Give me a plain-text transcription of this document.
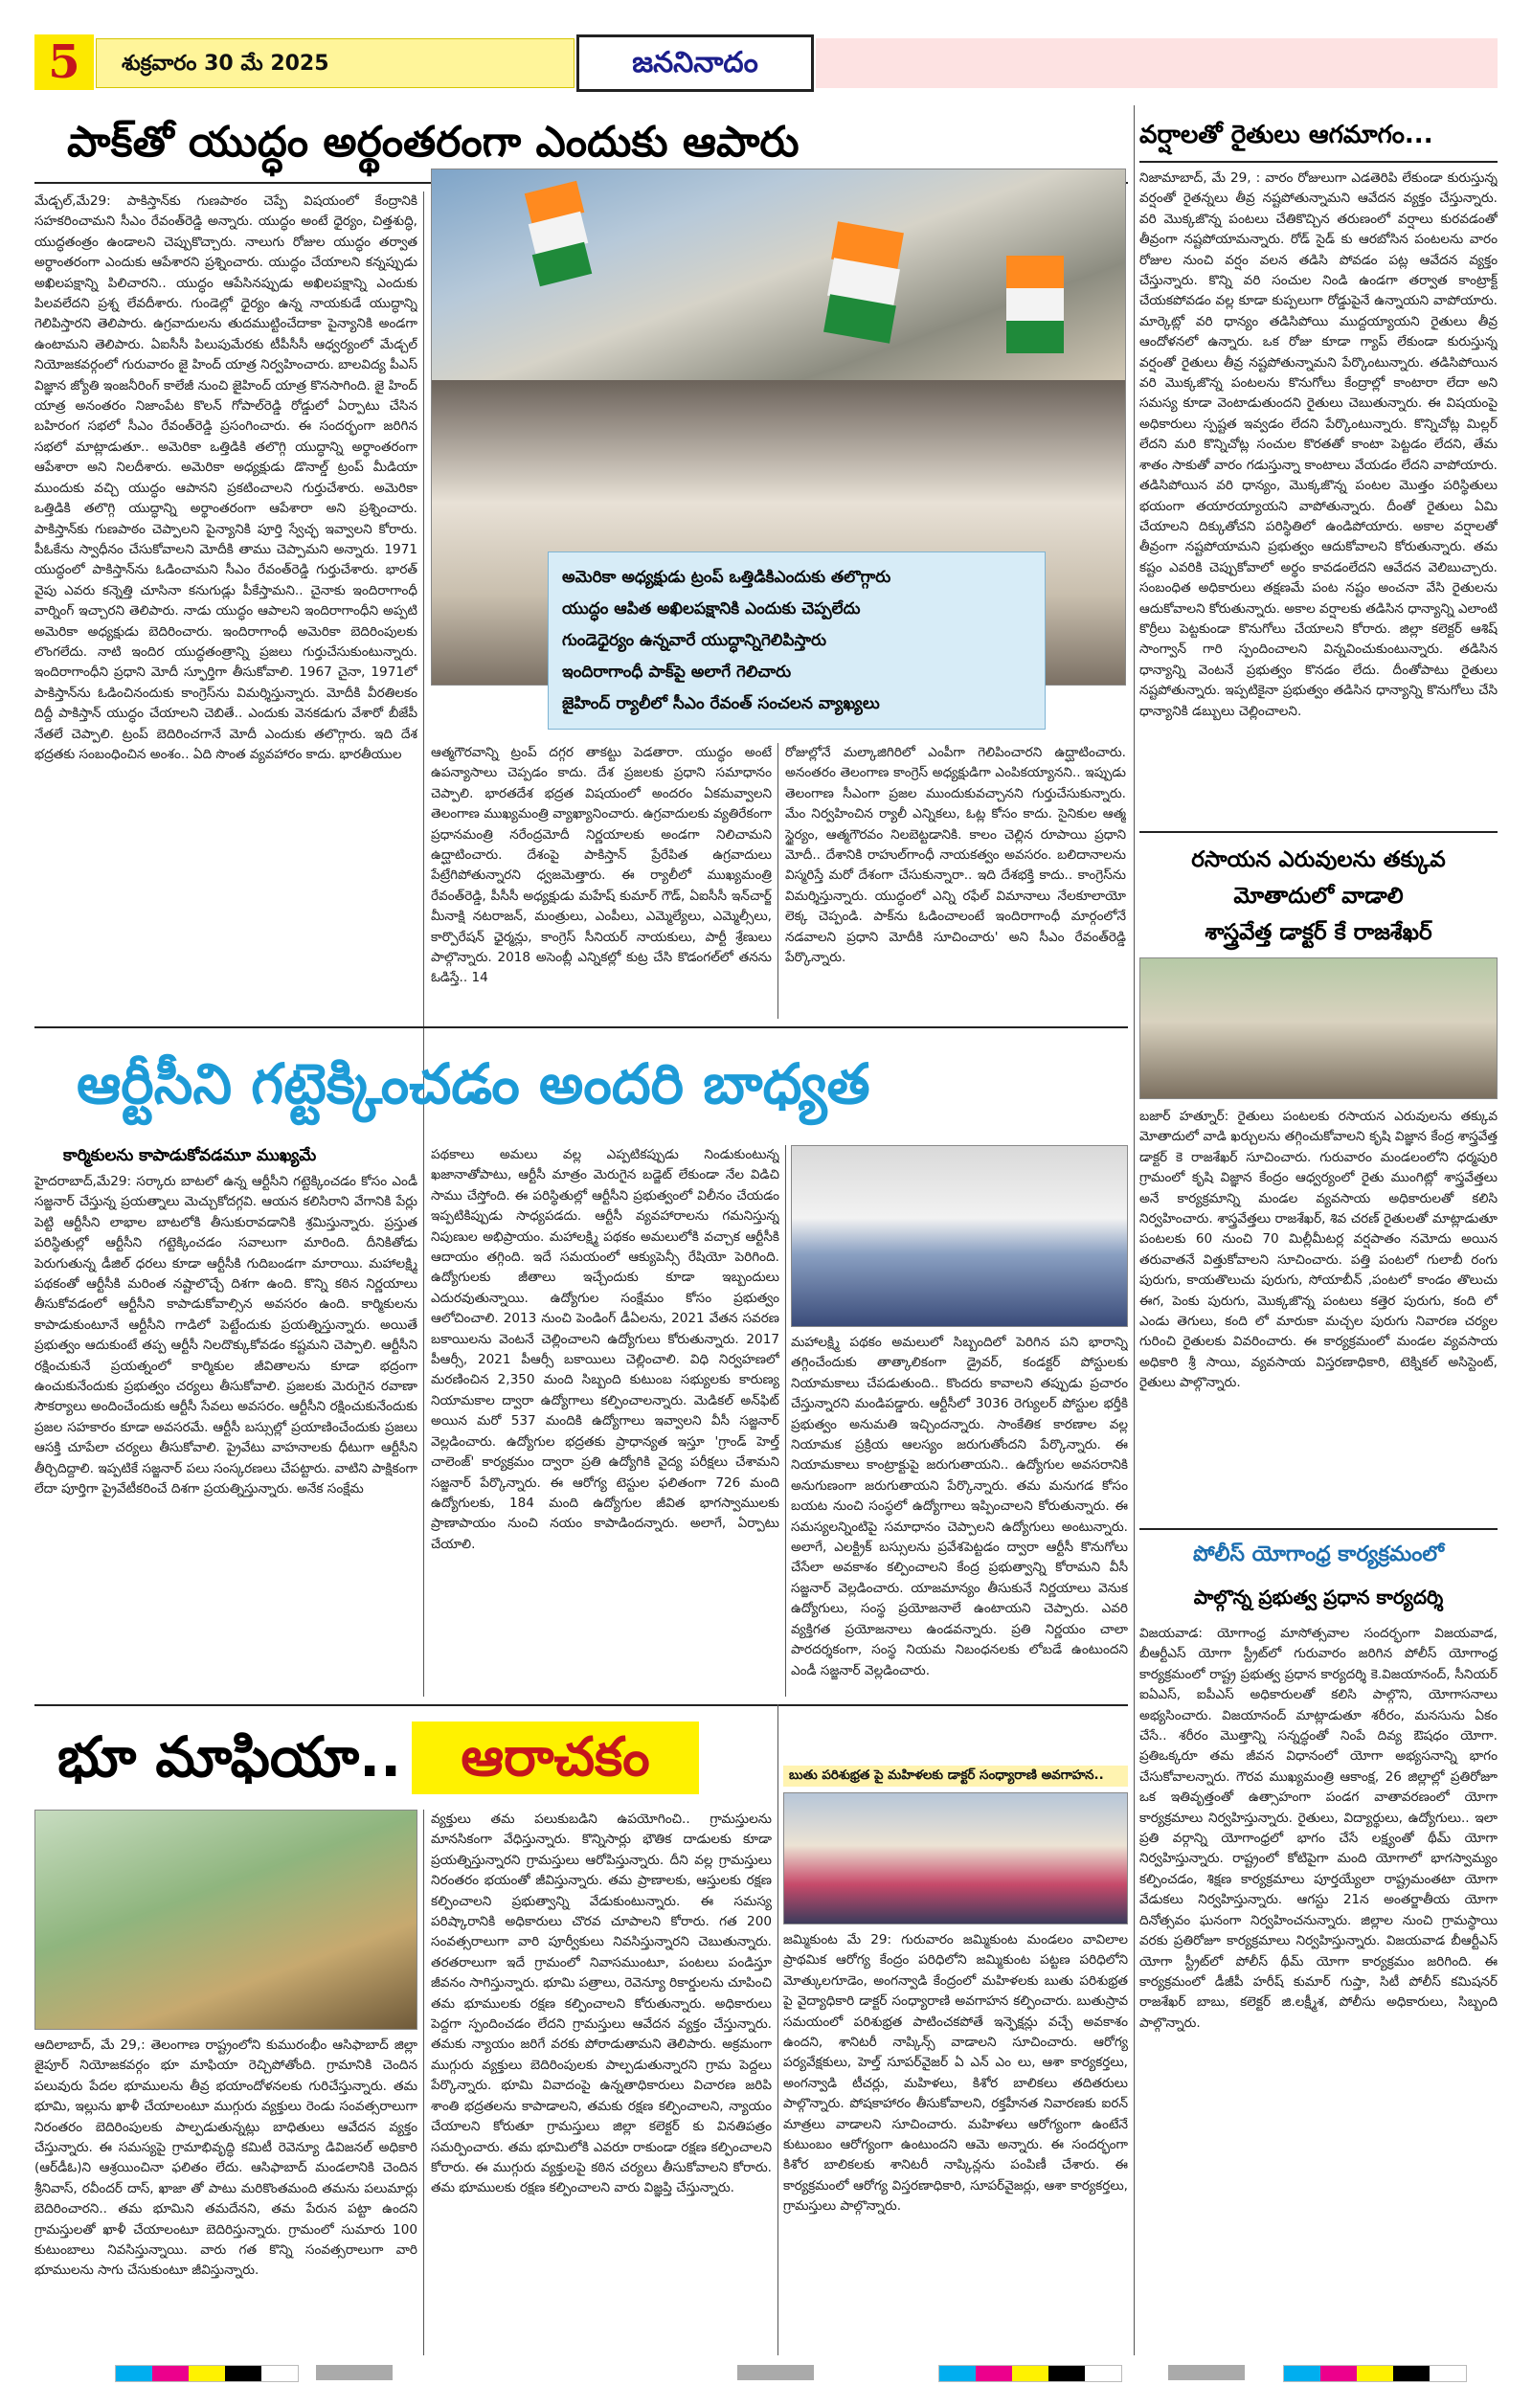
5	శుక్రవారం 30 మే 2025	జననినాదం
పాక్‌తో యుద్ధం అర్థంతరంగా ఎందుకు ఆపారు
మేడ్చల్,మే29: పాకిస్తాన్‌కు గుణపాఠం చెప్పే విషయంలో కేంద్రానికి సహకరించామని సీఎం రేవంత్‌రెడ్డి అన్నారు. యుద్ధం అంటే ధైర్యం, చిత్తశుద్ధి, యుద్ధతంత్రం ఉండాలని చెప్పుకొచ్చారు. నాలుగు రోజుల యుద్ధం తర్వాత అర్థాంతరంగా ఎందుకు ఆపేశారని ప్రశ్నించారు. యుద్ధం చేయాలని కన్నప్పుడు అఖిలపక్షాన్ని పిలిచారని.. యుద్ధం ఆపేసినప్పుడు అఖిలపక్షాన్ని ఎందుకు పిలవలేదని ప్రశ్న లేవదీశారు. గుండెల్లో ధైర్యం ఉన్న నాయకుడే యుద్ధాన్ని గెలిపిస్తారని తెలిపారు. ఉగ్రవాదులను తుదముట్టించేదాకా పైన్యానికి అండగా ఉంటామని తెలిపారు. ఏఐసీసీ పిలుపుమేరకు టీపీసీసీ ఆధ్వర్యంలో మేడ్చల్ నియోజకవర్గంలో గురువారం జై హింద్ యాత్ర నిర్వహించారు. బాలవిద్య పీఎస్ విజ్ఞాన జ్యోతి ఇంజనీరింగ్ కాలేజీ నుంచి జైహింద్ యాత్ర కొనసాగింది. జై హింద్ యాత్ర అనంతరం నిజాంపేట కొలన్ గోపాల్‌రెడ్డి రోడ్డులో ఏర్పాటు చేసిన బహిరంగ సభలో సీఎం రేవంత్‌రెడ్డి ప్రసంగించారు. ఈ సందర్భంగా జరిగిన సభలో మాట్లాడుతూ.. అమెరికా ఒత్తిడికి తలొగ్గి యుద్ధాన్ని అర్థాంతరంగా ఆపేశారా అని నిలదీశారు. అమెరికా అధ్యక్షుడు డొనాల్డ్ ట్రంప్ మీడియా ముందుకు వచ్చి యుద్ధం ఆపానని ప్రకటించాలని గుర్తుచేశారు. అమెరికా ఒత్తిడికి తలొగ్గి యుద్ధాన్ని అర్థాంతరంగా ఆపేశారా అని ప్రశ్నించారు. పాకిస్తాన్‌కు గుణపాఠం చెప్పాలని పైన్యానికి పూర్తి స్వేచ్ఛ ఇవ్వాలని కోరారు. పీఓకేను స్వాధీనం చేసుకోవాలని మోదీకి తాము చెప్పామని అన్నారు. 1971 యుద్ధంలో పాకిస్తాన్‌ను ఓడించామని సీఎం రేవంత్‌రెడ్డి గుర్తుచేశారు. భారత్ వైపు ఎవరు కన్నెత్తి చూసినా కనుగుడ్లు పీకేస్తామని.. చైనాకు ఇందిరాగాంధీ వార్నింగ్ ఇచ్చారని తెలిపారు. నాడు యుద్ధం ఆపాలని ఇందిరాగాంధీని అప్పటి అమెరికా అధ్యక్షుడు బెదిరించారు. ఇందిరాగాంధీ అమెరికా బెదిరింపులకు లొంగలేదు. నాటి ఇందిర యుద్ధతంత్రాన్ని ప్రజలు గుర్తుచేసుకుంటున్నారు. ఇందిరాగాంధీని ప్రధాని మోదీ స్ఫూర్తిగా తీసుకోవాలి. 1967 చైనా, 1971లో పాకిస్తాన్‌ను ఓడించినందుకు కాంగ్రెస్‌ను విమర్శిస్తున్నారు. మోదీకి వీరతిలకం దిద్దీ పాకిస్తాన్ యుద్ధం చేయాలని చెబితే.. ఎందుకు వెనకడుగు వేశారో బీజేపీ నేతలే చెప్పాలి. ట్రంప్ బెదిరించగానే మోదీ ఎందుకు తలొగ్గారు. ఇది దేశ భద్రతకు సంబంధించిన అంశం.. ఏది సొంత వ్యవహారం కాదు. భారతీయుల
అమెరికా అధ్యక్షుడు ట్రంప్ ఒత్తిడికిఎందుకు తలొగ్గారు
యుద్ధం ఆపిత అఖిలపక్షానికి ఎందుకు చెప్పలేదు
గుండెధైర్యం ఉన్నవారే యుద్ధాన్నిగెలిపిస్తారు
ఇందిరాగాంధీ పాక్‌పై అలాగే గెలిచారు
జైహింద్ ర్యాలీలో సీఎం రేవంత్ సంచలన వ్యాఖ్యలు
ఆత్మగౌరవాన్ని ట్రంప్ దగ్గర తాకట్టు పెడతారా. యుద్ధం అంటే ఉపన్యాసాలు చెప్పడం కాదు. దేశ ప్రజలకు ప్రధాని సమాధానం చెప్పాలి. భారతదేశ భద్రత విషయంలో అందరం ఏకమవ్వాలని తెలంగాణ ముఖ్యమంత్రి వ్యాఖ్యానించారు. ఉగ్రవాదులకు వ్యతిరేకంగా ప్రధానమంత్రి నరేంద్రమోదీ నిర్ణయాలకు అండగా నిలిచామని ఉద్ఘాటించారు. దేశంపై పాకిస్తాన్ ప్రేరేపిత ఉగ్రవాదులు పేట్రేగిపోతున్నారని ధ్వజమెత్తారు. ఈ ర్యాలీలో ముఖ్యమంత్రి రేవంత్‌రెడ్డి, పీసీసీ అధ్యక్షుడు మహేష్ కుమార్ గౌడ్, ఏఐసీసీ ఇన్‌చార్జ్ మీనాక్షి నటరాజన్, మంత్రులు, ఎంపీలు, ఎమ్మెల్యేలు, ఎమ్మెల్సీలు, కార్పొరేషన్ ఛైర్మన్లు, కాంగ్రెస్ సీనియర్ నాయకులు, పార్టీ శ్రేణులు పాల్గొన్నారు. 2018 అసెంబ్లీ ఎన్నికల్లో కుట్ర చేసి కొడంగల్‌లో తనను ఓడిస్తే.. 14
రోజుల్లోనే మల్కాజిగిరిలో ఎంపీగా గెలిపించారని ఉద్ఘాటించారు. అనంతరం తెలంగాణ కాంగ్రెస్ అధ్యక్షుడిగా ఎంపికయ్యానని.. ఇప్పుడు తెలంగాణ సీఎంగా ప్రజల ముందుకువచ్చానని గుర్తుచేసుకున్నారు. మేం నిర్వహించిన ర్యాలీ ఎన్నికలు, ఓట్ల కోసం కాదు. సైనికుల ఆత్మ స్థైర్యం, ఆత్మగౌరవం నిలబెట్టడానికి. కాలం చెల్లిన రూపాయి ప్రధాని మోదీ.. దేశానికి రాహుల్‌గాంధీ నాయకత్వం అవసరం. బలిదానాలను విస్మరిస్తే మరో దేశంగా చేసుకున్నారా.. ఇది దేశభక్తి కాదు.. కాంగ్రెస్‌ను విమర్శిస్తున్నారు. యుద్ధంలో ఎన్ని రఫేల్ విమానాలు నేలకూలాయో లెక్క చెప్పండి. పాక్‌ను ఓడించాలంటే ఇందిరాగాంధీ మార్గంలోనే నడవాలని ప్రధాని మోదీకి సూచించారు' అని సీఎం రేవంత్‌రెడ్డి పేర్కొన్నారు.
వర్షాలతో రైతులు ఆగమాగం...
నిజామాబాద్, మే 29, : వారం రోజులుగా ఎడతెరిపి లేకుండా కురుస్తున్న వర్షంతో రైతన్నలు తీవ్ర నష్టపోతున్నామని ఆవేదన వ్యక్తం చేస్తున్నారు. వరి మొక్కజొన్న పంటలు చేతికొచ్చిన తరుణంలో వర్షాలు కురవడంతో తీవ్రంగా నష్టపోయామన్నారు. రోడ్ సైడ్ కు ఆరబోసిన పంటలను వారం రోజుల నుంచి వర్షం వలన తడిసి పోవడం పట్ల ఆవేదన వ్యక్తం చేస్తున్నారు. కొన్ని వరి సంచుల నిండి ఉండగా తర్వాత కాంట్రాక్ట్ చేయకపోవడం వల్ల కూడా కుప్పలుగా రోడ్డుపైనే ఉన్నాయని వాపోయారు. మార్కెట్లో వరి ధాన్యం తడిసిపోయి ముద్దయ్యాయని రైతులు తీవ్ర ఆందోళనలో ఉన్నారు. ఒక రోజు కూడా గ్యాప్ లేకుండా కురుస్తున్న వర్షంతో రైతులు తీవ్ర నష్టపోతున్నామని పేర్కొంటున్నారు. తడిసిపోయిన వరి మొక్కజొన్న పంటలను కొనుగోలు కేంద్రాల్లో కాంటారా లేదా అని సమస్య కూడా వెంటాడుతుందని రైతులు చెబుతున్నారు. ఈ విషయంపై అధికారులు స్పష్టత ఇవ్వడం లేదని పేర్కొంటున్నారు. కొన్నిచోట్ల మిల్లర్ లేదని మరి కొన్నిచోట్ల సంచుల కొరతతో కాంటా పెట్టడం లేదని, తేమ శాతం సాకుతో వారం గడుస్తున్నా కాంటాలు వేయడం లేదని వాపోయారు. తడిసిపోయిన వరి ధాన్యం, మొక్కజొన్న పంటల మొత్తం పరిస్థితులు భయంగా తయారయ్యాయని వాపోతున్నారు. దీంతో రైతులు ఏమి చేయాలని దిక్కుతోచని పరిస్థితిలో ఉండిపోయారు. అకాల వర్షాలతో తీవ్రంగా నష్టపోయామని ప్రభుత్వం ఆదుకోవాలని కోరుతున్నారు. తమ కష్టం ఎవరికి చెప్పుకోవాలో అర్థం కావడంలేదని ఆవేదన వెలిబుచ్చారు. సంబంధిత అధికారులు తక్షణమే పంట నష్టం అంచనా వేసి రైతులను ఆదుకోవాలని కోరుతున్నారు. అకాల వర్షాలకు తడిసిన ధాన్యాన్ని ఎలాంటి కొర్రీలు పెట్టకుండా కొనుగోలు చేయాలని కోరారు. జిల్లా కలెక్టర్ ఆశిష్ సాంగ్వాన్ గారి స్పందించాలని విన్నవించుకుంటున్నారు. తడిసిన ధాన్యాన్ని వెంటనే ప్రభుత్వం కొనడం లేదు. దీంతోపాటు రైతులు నష్టపోతున్నారు. ఇప్పటికైనా ప్రభుత్వం తడిసిన ధాన్యాన్ని కొనుగోలు చేసి ధాన్యానికి డబ్బులు చెల్లించాలని.
రసాయన ఎరువులను తక్కువ
మోతాదులో వాడాలి
శాస్త్రవేత్త డాక్టర్ కే రాజశేఖర్
బజార్ హత్నూర్: రైతులు పంటలకు రసాయన ఎరువులను తక్కువ మోతాదులో వాడి ఖర్చులను తగ్గించుకోవాలని కృషి విజ్ఞాన కేంద్ర శాస్త్రవేత్త డాక్టర్ కె రాజశేఖర్ సూచించారు. గురువారం మండలంలోని ధర్మపురి గ్రామంలో కృషి విజ్ఞాన కేంద్రం ఆధ్వర్యంలో రైతు ముంగిట్లో శాస్త్రవేత్తలు అనే కార్యక్రమాన్ని మండల వ్యవసాయ అధికారులతో కలిసి నిర్వహించారు. శాస్త్రవేత్తలు రాజశేఖర్, శివ చరణ్ రైతులతో మాట్లాడుతూ పంటలకు 60 నుంచి 70 మిల్లీమీటర్ల వర్షపాతం నమోదు అయిన తరువాతనే విత్తుకోవాలని సూచించారు. పత్తి పంటలో గులాబీ రంగు పురుగు, కాయతొలుచు పురుగు, సోయాబీన్ ,పంటలో కాండం తొలుచు ఈగ, పెంకు పురుగు, మొక్కజొన్న పంటలు కత్తెర పురుగు, కంది లో ఎండు తెగులు, కంది లో మారుకా మచ్చల పురుగు నివారణ చర్యల గురించి రైతులకు వివరించారు. ఈ కార్యక్రమంలో మండల వ్యవసాయ అధికారి శ్రీ సాయి, వ్యవసాయ విస్తరణాధికారి, టెక్నికల్ అసిస్టెంట్, రైతులు పాల్గొన్నారు.
పోలీస్ యోగాంధ్ర కార్యక్రమంలో
పాల్గొన్న ప్రభుత్వ ప్రధాన కార్యదర్శి
విజయవాడ: యోగాంధ్ర మాసోత్సవాల సందర్భంగా విజయవాడ, బీఆర్టీఎస్ యోగా స్ట్రీట్‌లో గురువారం జరిగిన పోలీస్ యోగాంధ్ర కార్యక్రమంలో రాష్ట్ర ప్రభుత్వ ప్రధాన కార్యదర్శి కె.విజయానంద్, సీనియర్ ఐఏఎస్, ఐపీఎస్ అధికారులతో కలిసి పాల్గొని, యోగాసనాలు అభ్యసించారు. విజయానంద్ మాట్లాడుతూ శరీరం, మనసును ఏకం చేసే.. శరీరం మొత్తాన్ని సన్నద్ధంతో నింపే దివ్య ఔషధం యోగా. ప్రతిఒక్కరూ తమ జీవన విధానంలో యోగా అభ్యసనాన్ని భాగం చేసుకోవాలన్నారు. గౌరవ ముఖ్యమంత్రి ఆకాంక్ష, 26 జిల్లాల్లో ప్రతిరోజూ ఒక ఇతివృత్తంతో ఉత్సాహంగా పండగ వాతావరణంలో యోగా కార్యక్రమాలు నిర్వహిస్తున్నారు. రైతులు, విద్యార్థులు, ఉద్యోగులు.. ఇలా ప్రతి వర్గాన్ని యోగాంధ్రలో భాగం చేసే లక్ష్యంతో థీమ్ యోగా నిర్వహిస్తున్నారు. రాష్ట్రంలో కోటిపైగా మంది యోగాలో భాగస్వామ్యం కల్పించడం, శిక్షణ కార్యక్రమాలు పూర్తయ్యేలా రాష్ట్రమంతటా యోగా వేడుకలు నిర్వహిస్తున్నారు. ఆగస్టు 21న అంతర్జాతీయ యోగా దినోత్సవం ఘనంగా నిర్వహించనున్నారు. జిల్లాల నుంచి గ్రామస్థాయి వరకు ప్రతిరోజూ కార్యక్రమాలు నిర్వహిస్తున్నారు. విజయవాడ బీఆర్టీఎస్ యోగా స్ట్రీట్‌లో పోలీస్ థీమ్ యోగా కార్యక్రమం జరిగింది. ఈ కార్యక్రమంలో డీజీపీ హరీష్ కుమార్ గుప్తా, సిటీ పోలీస్ కమిషనర్ రాజశేఖర్ బాబు, కలెక్టర్ జి.లక్ష్మీశ, పోలీసు అధికారులు, సిబ్బంది పాల్గొన్నారు.
ఆర్టీసీని గట్టెక్కించడం అందరి బాధ్యత
కార్మికులను కాపాడుకోవడమూ ముఖ్యమే
హైదరాబాద్,మే29: సర్కారు బాటలో ఉన్న ఆర్టీసీని గట్టెక్కించడం కోసం ఎండీ సజ్జనార్ చేస్తున్న ప్రయత్నాలు మెచ్చుకోదగ్గవి. ఆయన కలిసిరాని వేగానికి పేర్లు పెట్టి ఆర్టీసీని లాభాల బాటలోకి తీసుకురావడానికి శ్రమిస్తున్నారు. ప్రస్తుత పరిస్థితుల్లో ఆర్టీసీని గట్టెక్కించడం సవాలుగా మారింది. దీనికితోడు పెరుగుతున్న డీజిల్ ధరలు కూడా ఆర్టీసీకి గుదిబండగా మారాయి. మహాలక్ష్మి పథకంతో ఆర్టీసీకి మరింత నష్టాలొచ్చే దిశగా ఉంది. కొన్ని కఠిన నిర్ణయాలు తీసుకోవడంలో ఆర్టీసీని కాపాడుకోవాల్సిన అవసరం ఉంది. కార్మికులను కాపాడుకుంటూనే ఆర్టీసీని గాడిలో పెట్టేందుకు ప్రయత్నిస్తున్నారు. అయితే ప్రభుత్వం ఆదుకుంటే తప్ప ఆర్టీసీ నిలదొక్కుకోవడం కష్టమని చెప్పాలి. ఆర్టీసీని రక్షించుకునే ప్రయత్నంలో కార్మికుల జీవితాలను కూడా భద్రంగా ఉంచుకునేందుకు ప్రభుత్వం చర్యలు తీసుకోవాలి. ప్రజలకు మెరుగైన రవాణా సౌకర్యాలు అందించేందుకు ఆర్టీసీ సేవలు అవసరం. ఆర్టీసీని రక్షించుకునేందుకు ప్రజల సహకారం కూడా అవసరమే. ఆర్టీసీ బస్సుల్లో ప్రయాణించేందుకు ప్రజలు ఆసక్తి చూపేలా చర్యలు తీసుకోవాలి. ప్రైవేటు వాహనాలకు ధీటుగా ఆర్టీసీని తీర్చిదిద్దాలి. ఇప్పటికే సజ్జనార్ పలు సంస్కరణలు చేపట్టారు. వాటిని పాక్షికంగా లేదా పూర్తిగా ప్రైవేటీకరించే దిశగా ప్రయత్నిస్తున్నారు. అనేక సంక్షేమ
పథకాలు అమలు వల్ల ఎప్పటికప్పుడు నిండుకుంటున్న ఖజానాతోపాటు, ఆర్టీసీ మాత్రం మెరుగైన బడ్జెట్ లేకుండా నేల విడిచి సాము చేస్తోంది. ఈ పరిస్థితుల్లో ఆర్టీసీని ప్రభుత్వంలో విలీనం చేయడం ఇప్పటికిప్పుడు సాధ్యపడదు. ఆర్టీసీ వ్యవహారాలను గమనిస్తున్న నిపుణుల అభిప్రాయం. మహాలక్ష్మి పథకం అమలులోకి వచ్చాక ఆర్టీసీకి ఆదాయం తగ్గింది. ఇదే సమయంలో ఆక్యుపెన్సీ రేషియో పెరిగింది. ఉద్యోగులకు జీతాలు ఇచ్చేందుకు కూడా ఇబ్బందులు ఎదురవుతున్నాయి. ఉద్యోగుల సంక్షేమం కోసం ప్రభుత్వం ఆలోచించాలి. 2013 నుంచి పెండింగ్ డీఏలను, 2021 వేతన సవరణ బకాయిలను వెంటనే చెల్లించాలని ఉద్యోగులు కోరుతున్నారు. 2017 పీఆర్సీ, 2021 పీఆర్సీ బకాయిలు చెల్లించాలి. విధి నిర్వహణలో మరణించిన 2,350 మంది సిబ్బంది కుటుంబ సభ్యులకు కారుణ్య నియామకాల ద్వారా ఉద్యోగాలు కల్పించాలన్నారు. మెడికల్ అన్‌ఫిట్ అయిన మరో 537 మందికి ఉద్యోగాలు ఇవ్వాలని వీసీ సజ్జనార్ వెల్లడించారు. ఉద్యోగుల భద్రతకు ప్రాధాన్యత ఇస్తూ 'గ్రాండ్ హెల్త్ చాలెంజ్' కార్యక్రమం ద్వారా ప్రతి ఉద్యోగికి వైద్య పరీక్షలు చేశామని సజ్జనార్ పేర్కొన్నారు. ఈ ఆరోగ్య టెస్టుల ఫలితంగా 726 మంది ఉద్యోగులకు, 184 మంది ఉద్యోగుల జీవిత భాగస్వాములకు ప్రాణాపాయం నుంచి నయం కాపాడిందన్నారు. అలాగే, ఏర్పాటు చేయాలి.
మహాలక్ష్మి పథకం అమలులో సిబ్బందిలో పెరిగిన పని భారాన్ని తగ్గించేందుకు తాత్కాలికంగా డ్రైవర్, కండక్టర్ పోస్టులకు నియామకాలు చేపడుతుంది.. కొందరు కావాలని తప్పుడు ప్రచారం చేస్తున్నారని మండిపడ్డారు. ఆర్టీసీలో 3036 రెగ్యులర్ పోస్టుల భర్తీకి ప్రభుత్వం అనుమతి ఇచ్చిందన్నారు. సాంకేతిక కారణాల వల్ల నియామక ప్రక్రియ ఆలస్యం జరుగుతోందని పేర్కొన్నారు. ఈ నియామకాలు కాంట్రాక్టుపై జరుగుతాయని.. ఉద్యోగుల అవసరానికి అనుగుణంగా జరుగుతాయని పేర్కొన్నారు. తమ మనుగడ కోసం బయట నుంచి సంస్థలో ఉద్యోగాలు ఇప్పించాలని కోరుతున్నారు. ఈ సమస్యలన్నింటిపై సమాధానం చెప్పాలని ఉద్యోగులు అంటున్నారు. అలాగే, ఎలక్ట్రిక్ బస్సులను ప్రవేశపెట్టడం ద్వారా ఆర్టీసీ కొనుగోలు చేసేలా అవకాశం కల్పించాలని కేంద్ర ప్రభుత్వాన్ని కోరామని వీసీ సజ్జనార్ వెల్లడించారు. యాజమాన్యం తీసుకునే నిర్ణయాలు వెనుక ఉద్యోగులు, సంస్థ ప్రయోజనాలే ఉంటాయని చెప్పారు. ఎవరి వ్యక్తిగత ప్రయోజనాలు ఉండవన్నారు. ప్రతి నిర్ణయం చాలా పారదర్శకంగా, సంస్థ నియమ నిబంధనలకు లోబడే ఉంటుందని ఎండీ సజ్జనార్ వెల్లడించారు.
భూ మాఫియా..	ఆరాచకం
ఆదిలాబాద్, మే 29,: తెలంగాణ రాష్ట్రంలోని కుమురంభీం ఆసిఫాబాద్ జిల్లా జైపూర్ నియోజకవర్గం భూ మాఫియా రెచ్చిపోతోంది. గ్రామానికి చెందిన పలువురు పేదల భూములను తీవ్ర భయాందోళనలకు గురిచేస్తున్నారు. తమ భూమి, ఇల్లును ఖాళీ చేయాలంటూ ముగ్గురు వ్యక్తులు రెండు సంవత్సరాలుగా నిరంతరం బెదిరింపులకు పాల్పడుతున్నట్లు బాధితులు ఆవేదన వ్యక్తం చేస్తున్నారు. ఈ సమస్యపై గ్రామాభివృద్ధి కమిటీ రెవెన్యూ డివిజనల్ అధికారి (ఆర్‌డీఓ)ని ఆశ్రయించినా ఫలితం లేదు. ఆసిఫాబాద్ మండలానికి చెందిన శ్రీనివాస్, రవీందర్ దాస్, ఖాజా తో పాటు మరికొంతమంది తమను పలుమార్లు బెదిరించారని.. తమ భూమిని తమదేనని, తమ పేరున పట్టా ఉందని గ్రామస్తులతో ఖాళీ చేయాలంటూ బెదిరిస్తున్నారు. గ్రామంలో సుమారు 100 కుటుంబాలు నివసిస్తున్నాయి. వారు గత కొన్ని సంవత్సరాలుగా వారి భూములను సాగు చేసుకుంటూ జీవిస్తున్నారు.
వ్యక్తులు తమ పలుకుబడిని ఉపయోగించి.. గ్రామస్తులను మానసికంగా వేధిస్తున్నారు. కొన్నిసార్లు భౌతిక దాడులకు కూడా ప్రయత్నిస్తున్నారని గ్రామస్తులు ఆరోపిస్తున్నారు. దీని వల్ల గ్రామస్తులు నిరంతరం భయంతో జీవిస్తున్నారు. తమ ప్రాణాలకు, ఆస్తులకు రక్షణ కల్పించాలని ప్రభుత్వాన్ని వేడుకుంటున్నారు. ఈ సమస్య పరిష్కారానికి అధికారులు చొరవ చూపాలని కోరారు. గత 200 సంవత్సరాలుగా వారి పూర్వీకులు నివసిస్తున్నారని చెబుతున్నారు. తరతరాలుగా ఇదే గ్రామంలో నివాసముంటూ, పంటలు పండిస్తూ జీవనం సాగిస్తున్నారు. భూమి పత్రాలు, రెవెన్యూ రికార్డులను చూపించి తమ భూములకు రక్షణ కల్పించాలని కోరుతున్నారు. అధికారులు పెద్దగా స్పందించడం లేదని గ్రామస్తులు ఆవేదన వ్యక్తం చేస్తున్నారు. తమకు న్యాయం జరిగే వరకు పోరాడుతామని తెలిపారు. అక్రమంగా ముగ్గురు వ్యక్తులు బెదిరింపులకు పాల్పడుతున్నారని గ్రామ పెద్దలు పేర్కొన్నారు. భూమి వివాదంపై ఉన్నతాధికారులు విచారణ జరిపి శాంతి భద్రతలను కాపాడాలని, తమకు రక్షణ కల్పించాలని, న్యాయం చేయాలని కోరుతూ గ్రామస్తులు జిల్లా కలెక్టర్ కు వినతిపత్రం సమర్పించారు. తమ భూమిలోకి ఎవరూ రాకుండా రక్షణ కల్పించాలని కోరారు. ఈ ముగ్గురు వ్యక్తులపై కఠిన చర్యలు తీసుకోవాలని కోరారు. తమ భూములకు రక్షణ కల్పించాలని వారు విజ్ఞప్తి చేస్తున్నారు.
బుతు పరిశుభ్రత పై మహిళలకు డాక్టర్ సంధ్యారాణి అవగాహన..
జమ్మికుంట మే 29: గురువారం జమ్మికుంట మండలం వావిలాల ప్రాథమిక ఆరోగ్య కేంద్రం పరిధిలోని జమ్మికుంట పట్టణ పరిధిలోని మోత్కులగూడెం, అంగన్వాడి కేంద్రంలో మహిళలకు బుతు పరిశుభ్రత పై వైద్యాధికారి డాక్టర్ సంధ్యారాణి అవగాహన కల్పించారు. బుతుస్రావ సమయంలో పరిశుభ్రత పాటించకపోతే ఇన్ఫెక్షన్లు వచ్చే అవకాశం ఉందని, శానిటరీ నాప్కిన్స్ వాడాలని సూచించారు. ఆరోగ్య పర్యవేక్షకులు, హెల్త్ సూపర్‌వైజర్ ఏ ఎన్ ఎం లు, ఆశా కార్యకర్తలు, అంగన్వాడి టీచర్లు, మహిళలు, కిశోర బాలికలు తదితరులు పాల్గొన్నారు. పోషకాహారం తీసుకోవాలని, రక్తహీనత నివారణకు ఐరన్ మాత్రలు వాడాలని సూచించారు. మహిళలు ఆరోగ్యంగా ఉంటేనే కుటుంబం ఆరోగ్యంగా ఉంటుందని ఆమె అన్నారు. ఈ సందర్భంగా కిశోర బాలికలకు శానిటరీ నాప్కిన్లను పంపిణీ చేశారు. ఈ కార్యక్రమంలో ఆరోగ్య విస్తరణాధికారి, సూపర్‌వైజర్లు, ఆశా కార్యకర్తలు, గ్రామస్తులు పాల్గొన్నారు.
